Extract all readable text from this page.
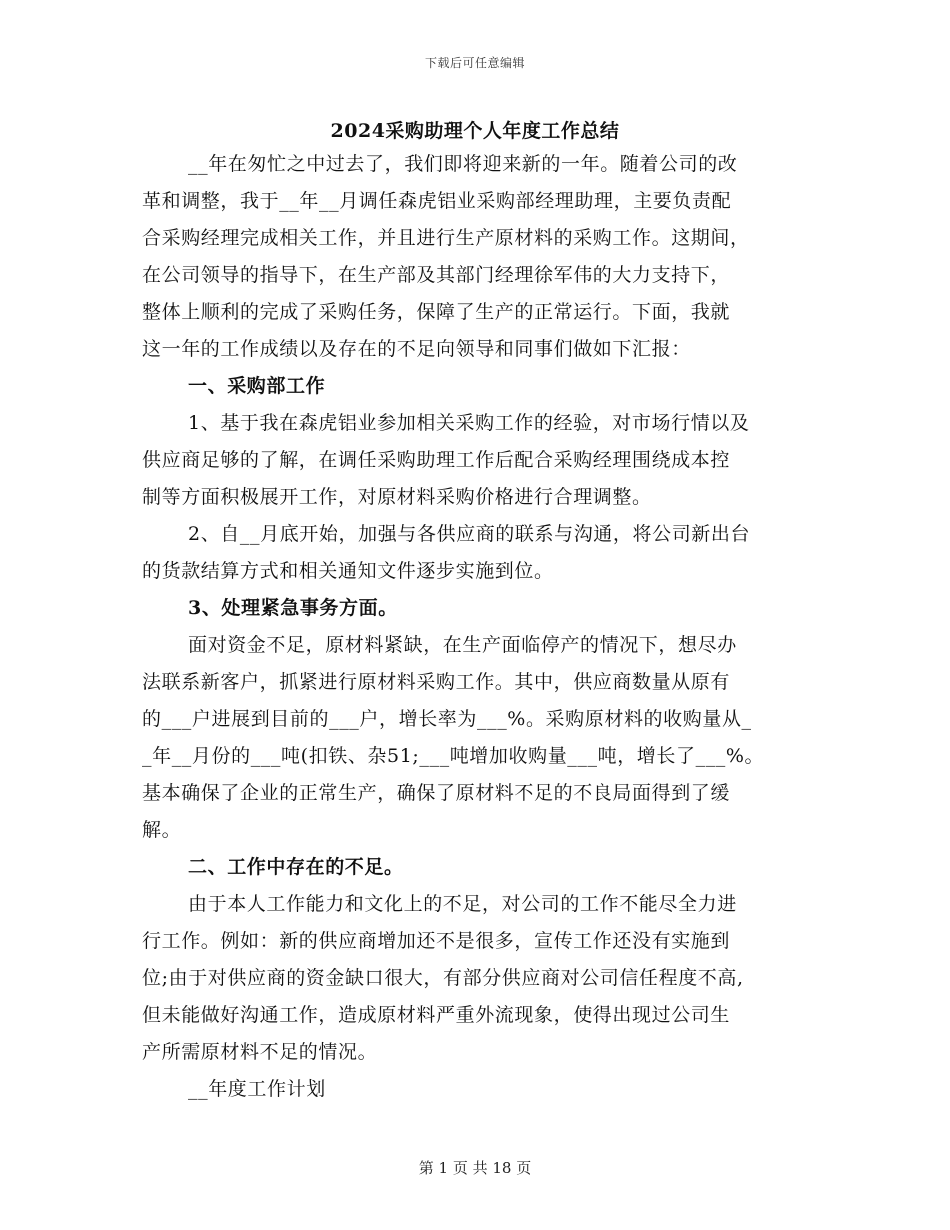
下载后可任意编辑
2024采购助理个人年度工作总结
__年在匆忙之中过去了，我们即将迎来新的一年。随着公司的改
革和调整，我于__年__月调任森虎铝业采购部经理助理，主要负责配
合采购经理完成相关工作，并且进行生产原材料的采购工作。这期间，
在公司领导的指导下，在生产部及其部门经理徐军伟的大力支持下，
整体上顺利的完成了采购任务，保障了生产的正常运行。下面，我就
这一年的工作成绩以及存在的不足向领导和同事们做如下汇报：
一、采购部工作
1、基于我在森虎铝业参加相关采购工作的经验，对市场行情以及
供应商足够的了解，在调任采购助理工作后配合采购经理围绕成本控
制等方面积极展开工作，对原材料采购价格进行合理调整。
2、自__月底开始，加强与各供应商的联系与沟通，将公司新出台
的货款结算方式和相关通知文件逐步实施到位。
3、处理紧急事务方面。
面对资金不足，原材料紧缺，在生产面临停产的情况下，想尽办
法联系新客户，抓紧进行原材料采购工作。其中，供应商数量从原有
的___户进展到目前的___户，增长率为___%。采购原材料的收购量从_
_年__月份的___吨(扣铁、杂51;___吨增加收购量___吨，增长了___%。
基本确保了企业的正常生产，确保了原材料不足的不良局面得到了缓
解。
二、工作中存在的不足。
由于本人工作能力和文化上的不足，对公司的工作不能尽全力进
行工作。例如：新的供应商增加还不是很多，宣传工作还没有实施到
位;由于对供应商的资金缺口很大，有部分供应商对公司信任程度不高,
但未能做好沟通工作，造成原材料严重外流现象，使得出现过公司生
产所需原材料不足的情况。
__年度工作计划
第 1 页 共 18 页
